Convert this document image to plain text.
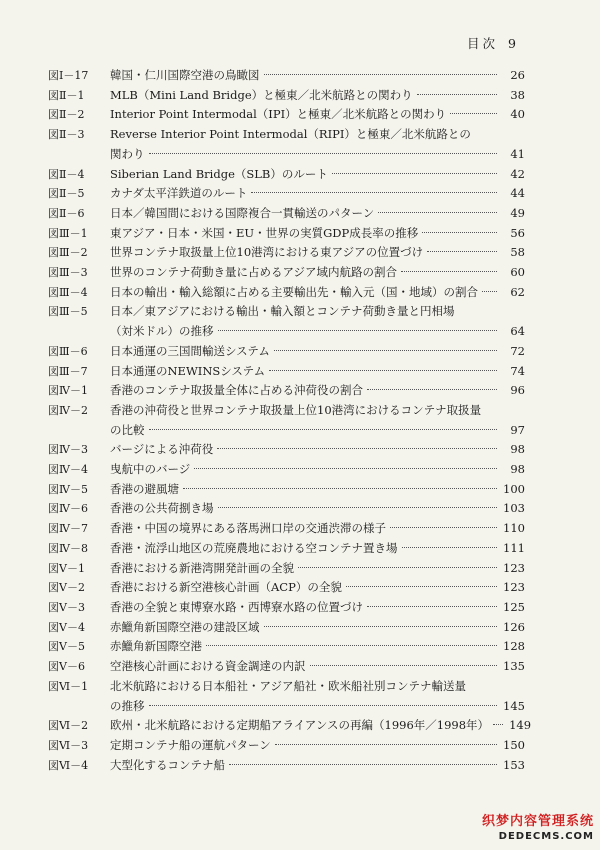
目次 9
図Ⅰ－17	韓国・仁川国際空港の鳥瞰図	26
図Ⅱ－1	MLB（Mini Land Bridge）と極東／北米航路との関わり	38
図Ⅱ－2	Interior Point Intermodal（IPI）と極東／北米航路との関わり	40
図Ⅱ－3	Reverse Interior Point Intermodal（RIPI）と極東／北米航路との
関わり	41
図Ⅱ－4	Siberian Land Bridge（SLB）のルート	42
図Ⅱ－5	カナダ太平洋鉄道のルート	44
図Ⅱ－6	日本／韓国間における国際複合一貫輸送のパターン	49
図Ⅲ－1	東アジア・日本・米国・EU・世界の実質GDP成長率の推移	56
図Ⅲ－2	世界コンテナ取扱量上位10港湾における東アジアの位置づけ	58
図Ⅲ－3	世界のコンテナ荷動き量に占めるアジア域内航路の割合	60
図Ⅲ－4	日本の輸出・輸入総額に占める主要輸出先・輸入元（国・地域）の割合	62
図Ⅲ－5	日本／東アジアにおける輸出・輸入額とコンテナ荷動き量と円相場
（対米ドル）の推移	64
図Ⅲ－6	日本通運の三国間輸送システム	72
図Ⅲ－7	日本通運のNEWINSシステム	74
図Ⅳ－1	香港のコンテナ取扱量全体に占める沖荷役の割合	96
図Ⅳ－2	香港の沖荷役と世界コンテナ取扱量上位10港湾におけるコンテナ取扱量
の比較	97
図Ⅳ－3	バージによる沖荷役	98
図Ⅳ－4	曳航中のバージ	98
図Ⅳ－5	香港の避風塘	100
図Ⅳ－6	香港の公共荷捌き場	103
図Ⅳ－7	香港・中国の境界にある落馬洲口岸の交通渋滞の様子	110
図Ⅳ－8	香港・流浮山地区の荒廃農地における空コンテナ置き場	111
図Ⅴ－1	香港における新港湾開発計画の全貌	123
図Ⅴ－2	香港における新空港核心計画（ACP）の全貌	123
図Ⅴ－3	香港の全貌と東博寮水路・西博寮水路の位置づけ	125
図Ⅴ－4	赤鱲角新国際空港の建設区域	126
図Ⅴ－5	赤鱲角新国際空港	128
図Ⅴ－6	空港核心計画における資金調達の内訳	135
図Ⅵ－1	北米航路における日本船社・アジア船社・欧米船社別コンテナ輸送量
の推移	145
図Ⅵ－2	欧州・北米航路における定期船アライアンスの再編（1996年／1998年） 149
図Ⅵ－3	定期コンテナ船の運航パターン	150
図Ⅵ－4	大型化するコンテナ船	153
织梦内容管理系统
DEDECMS.COM
